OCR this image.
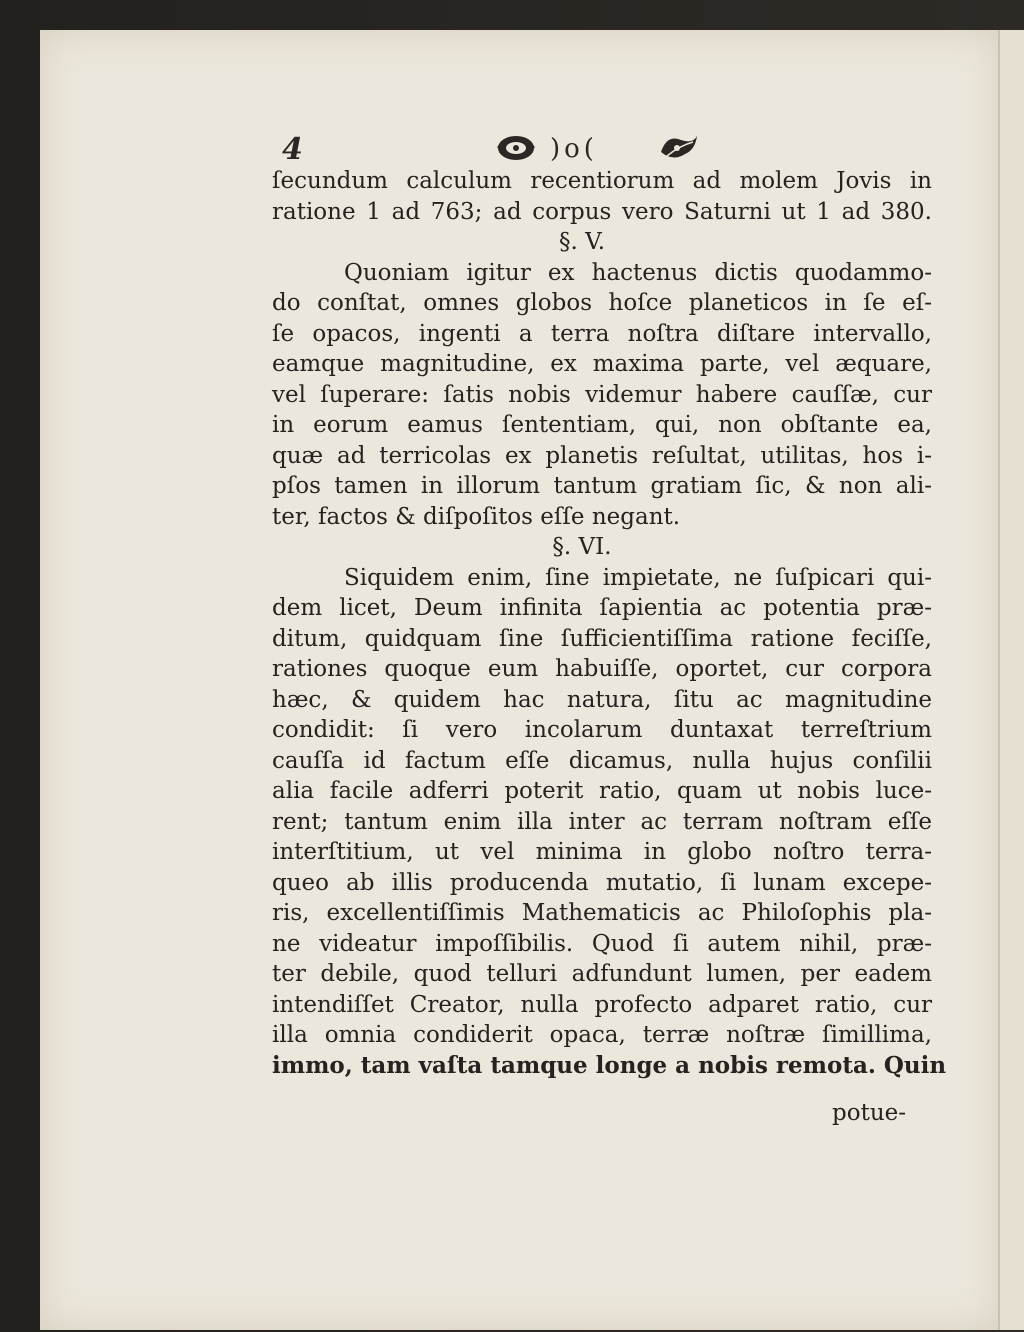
4	)o(
ſecundum calculum recentiorum ad molem Jovis in
ratione 1 ad 763; ad corpus vero Saturni ut 1 ad 380.
§. V.
Quoniam igitur ex hactenus dictis quodammo-
do conſtat, omnes globos hoſce planeticos in ſe eſ-
ſe opacos, ingenti a terra noſtra diſtare intervallo,
eamque magnitudine, ex maxima parte, vel æquare,
vel ſuperare: ſatis nobis videmur habere cauſſæ, cur
in eorum eamus ſententiam, qui, non obſtante ea,
quæ ad terricolas ex planetis reſultat, utilitas, hos i-
pſos tamen in illorum tantum gratiam ſic, & non ali-
ter, factos & diſpoſitos eſſe negant.
§. VI.
Siquidem enim, ſine impietate, ne ſuſpicari qui-
dem licet, Deum infinita ſapientia ac potentia præ-
ditum, quidquam ſine ſufficientiſſima ratione feciſſe,
rationes quoque eum habuiſſe, oportet, cur corpora
hæc, & quidem hac natura, ſitu ac magnitudine
condidit: ſi vero incolarum duntaxat terreſtrium
cauſſa id factum eſſe dicamus, nulla hujus conſilii
alia facile adferri poterit ratio, quam ut nobis luce-
rent; tantum enim illa inter ac terram noſtram eſſe
interſtitium, ut vel minima in globo noſtro terra-
queo ab illis producenda mutatio, ſi lunam excepe-
ris, excellentiſſimis Mathematicis ac Philoſophis pla-
ne videatur impoſſibilis. Quod ſi autem nihil, præ-
ter debile, quod telluri adfundunt lumen, per eadem
intendiſſet Creator, nulla profecto adparet ratio, cur
illa omnia condiderit opaca, terræ noſtræ ſimillima,
immo, tam vaſta tamque longe a nobis remota. Quin
potue-
